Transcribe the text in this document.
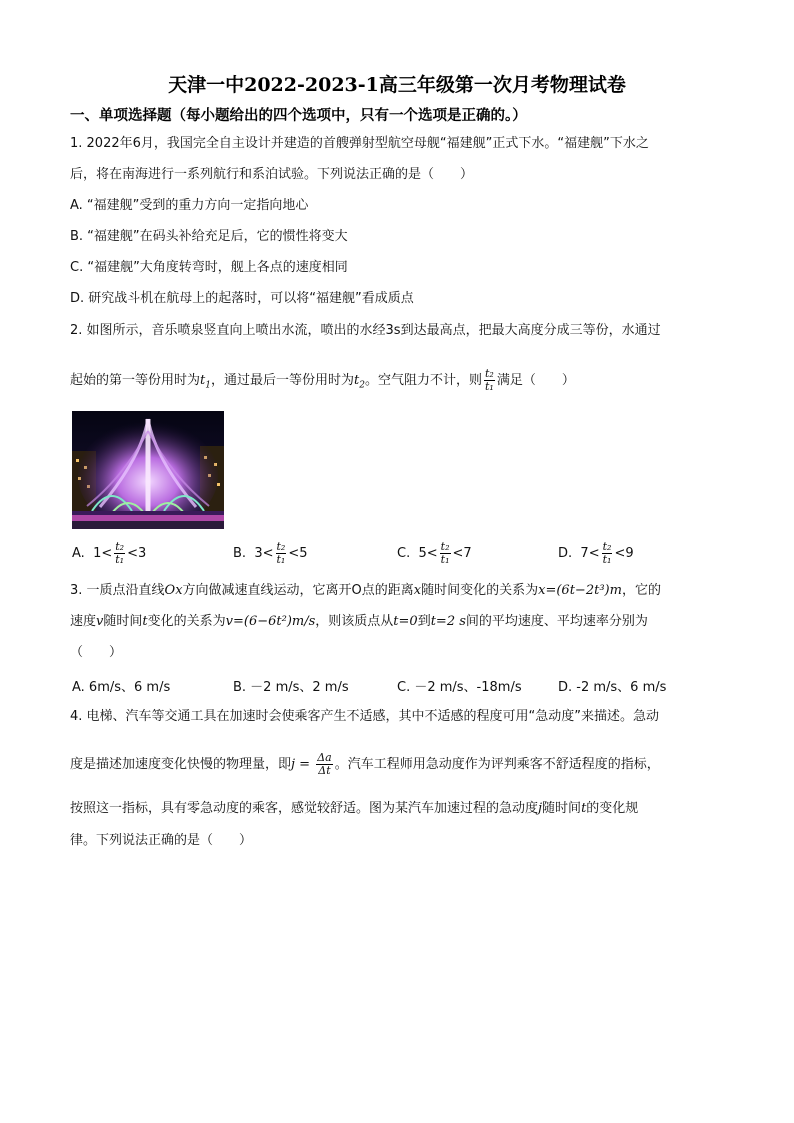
天津一中2022-2023-1高三年级第一次月考物理试卷
一、单项选择题（每小题给出的四个选项中，只有一个选项是正确的。）
1. 2022年6月，我国完全自主设计并建造的首艘弹射型航空母舰“福建舰”正式下水。“福建舰”下水之
后，将在南海进行一系列航行和系泊试验。下列说法正确的是（　　）
A. “福建舰”受到的重力方向一定指向地心
B. “福建舰”在码头补给充足后，它的惯性将变大
C. “福建舰”大角度转弯时，舰上各点的速度相同
D. 研究战斗机在航母上的起落时，可以将“福建舰”看成质点
2. 如图所示，音乐喷泉竖直向上喷出水流，喷出的水经3s到达最高点，把最大高度分成三等份，水通过
起始的第一等份用时为$t_1$，通过最后一等份用时为$t_2$。空气阻力不计，则 $\frac{\text{t₂}}{\text{t₁}}$ 满足（　　）
A. $1< \frac{\text{t₂}}{\text{t₁}} <3$	B. $3< \frac{\text{t₂}}{\text{t₁}} <5$	C. $5< \frac{\text{t₂}}{\text{t₁}} <7$	D. $7< \frac{\text{t₂}}{\text{t₁}} <9$
3. 一质点沿直线Ox方向做减速直线运动，它离开O点的距离x随时间变化的关系为x=(6t−2t³)m，它的
速度v随时间t变化的关系为v=(6−6t²)m/s，则该质点从t=0到t=2 s间的平均速度、平均速率分别为
（　　）
A. 6m/s、6 m/s	B. －2 m/s、2 m/s	C. －2 m/s、-18m/s	D. -2 m/s、6 m/s
4. 电梯、汽车等交通工具在加速时会使乘客产生不适感，其中不适感的程度可用“急动度”来描述。急动
度是描述加速度变化快慢的物理量，即$j = \frac{\Delta a}{\Delta t}$ 。汽车工程师用急动度作为评判乘客不舒适程度的指标，
按照这一指标，具有零急动度的乘客，感觉较舒适。图为某汽车加速过程的急动度j随时间t的变化规
律。下列说法正确的是（　　）
